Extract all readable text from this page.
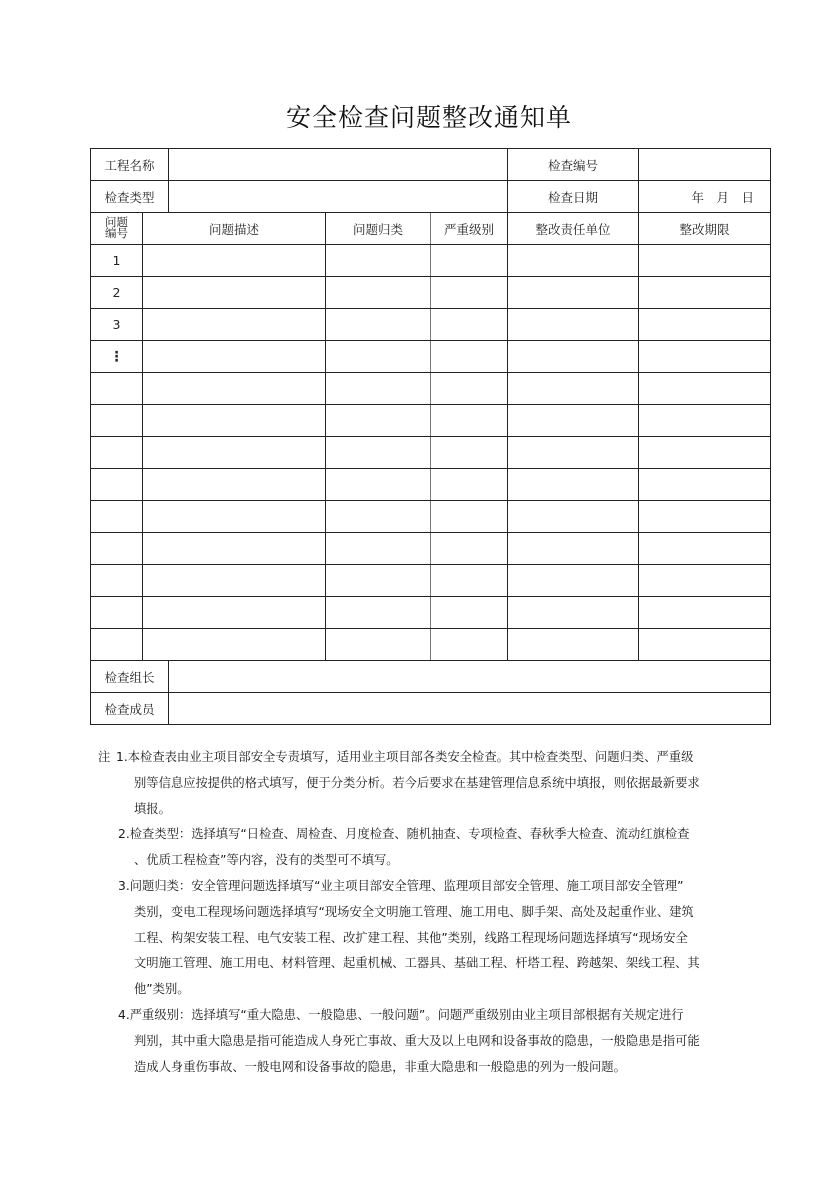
安全检查问题整改通知单
工程名称					检查编号	
检查类型					检查日期	年　月　日
问题
编号	问题描述		问题归类	严重级别	整改责任单位	整改期限
1						
2						
3						
⋮						

检查组长						
检查成员						
注 1.本检查表由业主项目部安全专责填写，适用业主项目部各类安全检查。其中检查类型、问题归类、严重级
别等信息应按提供的格式填写，便于分类分析。若今后要求在基建管理信息系统中填报，则依据最新要求
填报。
2.检查类型：选择填写“日检查、周检查、月度检查、随机抽查、专项检查、春秋季大检查、流动红旗检查
、优质工程检查”等内容，没有的类型可不填写。
3.问题归类：安全管理问题选择填写“业主项目部安全管理、监理项目部安全管理、施工项目部安全管理”
类别，变电工程现场问题选择填写“现场安全文明施工管理、施工用电、脚手架、高处及起重作业、建筑
工程、构架安装工程、电气安装工程、改扩建工程、其他”类别，线路工程现场问题选择填写“现场安全
文明施工管理、施工用电、材料管理、起重机械、工器具、基础工程、杆塔工程、跨越架、架线工程、其
他”类别。
4.严重级别：选择填写“重大隐患、一般隐患、一般问题”。问题严重级别由业主项目部根据有关规定进行
判别，其中重大隐患是指可能造成人身死亡事故、重大及以上电网和设备事故的隐患，一般隐患是指可能
造成人身重伤事故、一般电网和设备事故的隐患，非重大隐患和一般隐患的列为一般问题。
